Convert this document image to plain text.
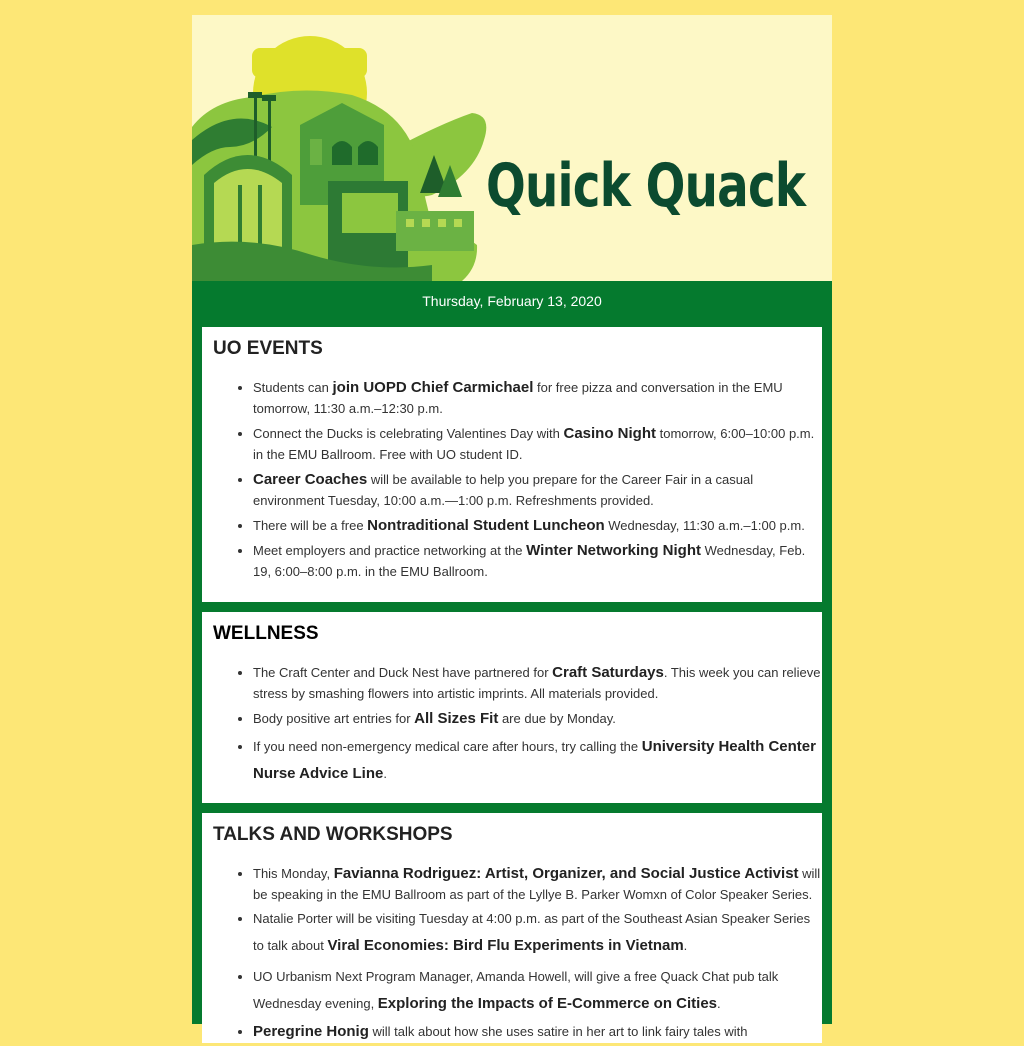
Quick Quack
Thursday, February 13, 2020
UO EVENTS
• Students can join UOPD Chief Carmichael for free pizza and conversation in the EMU tomorrow, 11:30 a.m.–12:30 p.m.
• Connect the Ducks is celebrating Valentines Day with Casino Night tomorrow, 6:00–10:00 p.m. in the EMU Ballroom. Free with UO student ID.
• Career Coaches will be available to help you prepare for the Career Fair in a casual environment Tuesday, 10:00 a.m.—1:00 p.m. Refreshments provided.
• There will be a free Nontraditional Student Luncheon Wednesday, 11:30 a.m.–1:00 p.m.
• Meet employers and practice networking at the Winter Networking Night Wednesday, Feb. 19, 6:00–8:00 p.m. in the EMU Ballroom.
WELLNESS
• The Craft Center and Duck Nest have partnered for Craft Saturdays. This week you can relieve stress by smashing flowers into artistic imprints. All materials provided.
• Body positive art entries for All Sizes Fit are due by Monday.
• If you need non-emergency medical care after hours, try calling the University Health Center Nurse Advice Line.
TALKS AND WORKSHOPS
• This Monday, Favianna Rodriguez: Artist, Organizer, and Social Justice Activist will be speaking in the EMU Ballroom as part of the Lyllye B. Parker Womxn of Color Speaker Series.
• Natalie Porter will be visiting Tuesday at 4:00 p.m. as part of the Southeast Asian Speaker Series to talk about Viral Economies: Bird Flu Experiments in Vietnam.
• UO Urbanism Next Program Manager, Amanda Howell, will give a free Quack Chat pub talk Wednesday evening, Exploring the Impacts of E-Commerce on Cities.
• Peregrine Honig will talk about how she uses satire in her art to link fairy tales with
